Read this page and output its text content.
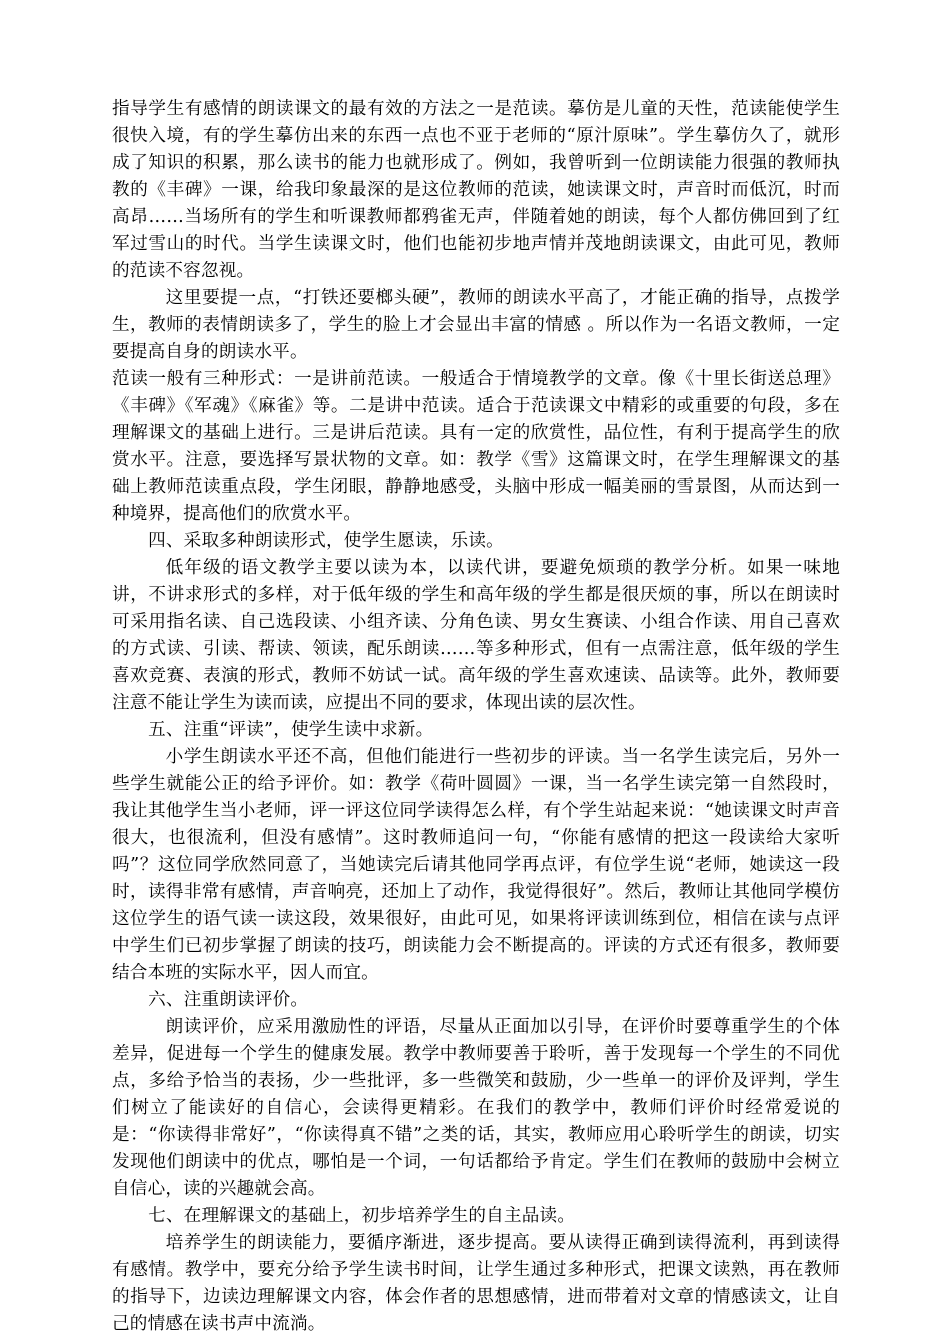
指导学生有感情的朗读课文的最有效的方法之一是范读。摹仿是儿童的天性，范读能使学生很快入境，有的学生摹仿出来的东西一点也不亚于老师的“原汁原味”。学生摹仿久了，就形成了知识的积累，那么读书的能力也就形成了。例如，我曾听到一位朗读能力很强的教师执教的《丰碑》一课，给我印象最深的是这位教师的范读，她读课文时，声音时而低沉，时而高昂……当场所有的学生和听课教师都鸦雀无声，伴随着她的朗读，每个人都仿佛回到了红军过雪山的时代。当学生读课文时，他们也能初步地声情并茂地朗读课文，由此可见，教师的范读不容忽视。

这里要提一点，“打铁还要榔头硬”，教师的朗读水平高了，才能正确的指导，点拨学生，教师的表情朗读多了，学生的脸上才会显出丰富的情感 。所以作为一名语文教师，一定要提高自身的朗读水平。

范读一般有三种形式：一是讲前范读。一般适合于情境教学的文章。像《十里长街送总理》《丰碑》《军魂》《麻雀》等。二是讲中范读。适合于范读课文中精彩的或重要的句段，多在理解课文的基础上进行。三是讲后范读。具有一定的欣赏性，品位性，有利于提高学生的欣赏水平。注意，要选择写景状物的文章。如：教学《雪》这篇课文时，在学生理解课文的基础上教师范读重点段，学生闭眼，静静地感受，头脑中形成一幅美丽的雪景图，从而达到一种境界，提高他们的欣赏水平。

四、采取多种朗读形式，使学生愿读，乐读。

低年级的语文教学主要以读为本，以读代讲，要避免烦琐的教学分析。如果一味地讲，不讲求形式的多样，对于低年级的学生和高年级的学生都是很厌烦的事，所以在朗读时可采用指名读、自己选段读、小组齐读、分角色读、男女生赛读、小组合作读、用自己喜欢的方式读、引读、帮读、领读，配乐朗读……等多种形式，但有一点需注意，低年级的学生喜欢竞赛、表演的形式，教师不妨试一试。高年级的学生喜欢速读、品读等。此外，教师要注意不能让学生为读而读，应提出不同的要求，体现出读的层次性。

五、注重“评读”，使学生读中求新。

小学生朗读水平还不高，但他们能进行一些初步的评读。当一名学生读完后，另外一些学生就能公正的给予评价。如：教学《荷叶圆圆》一课，当一名学生读完第一自然段时，我让其他学生当小老师，评一评这位同学读得怎么样，有个学生站起来说：“她读课文时声音很大，也很流利，但没有感情”。这时教师追问一句，“你能有感情的把这一段读给大家听吗”？这位同学欣然同意了，当她读完后请其他同学再点评，有位学生说“老师，她读这一段时，读得非常有感情，声音响亮，还加上了动作，我觉得很好”。然后，教师让其他同学模仿这位学生的语气读一读这段，效果很好，由此可见，如果将评读训练到位，相信在读与点评中学生们已初步掌握了朗读的技巧，朗读能力会不断提高的。评读的方式还有很多，教师要结合本班的实际水平，因人而宜。

六、注重朗读评价。

朗读评价，应采用激励性的评语，尽量从正面加以引导，在评价时要尊重学生的个体差异，促进每一个学生的健康发展。教学中教师要善于聆听，善于发现每一个学生的不同优点，多给予恰当的表扬，少一些批评，多一些微笑和鼓励，少一些单一的评价及评判，学生们树立了能读好的自信心，会读得更精彩。在我们的教学中，教师们评价时经常爱说的是：“你读得非常好”，“你读得真不错”之类的话，其实，教师应用心聆听学生的朗读，切实发现他们朗读中的优点，哪怕是一个词，一句话都给予肯定。学生们在教师的鼓励中会树立自信心，读的兴趣就会高。

七、在理解课文的基础上，初步培养学生的自主品读。

培养学生的朗读能力，要循序渐进，逐步提高。要从读得正确到读得流利，再到读得有感情。教学中，要充分给予学生读书时间，让学生通过多种形式，把课文读熟，再在教师的指导下，边读边理解课文内容，体会作者的思想感情，进而带着对文章的情感读文，让自己的情感在读书声中流淌。
